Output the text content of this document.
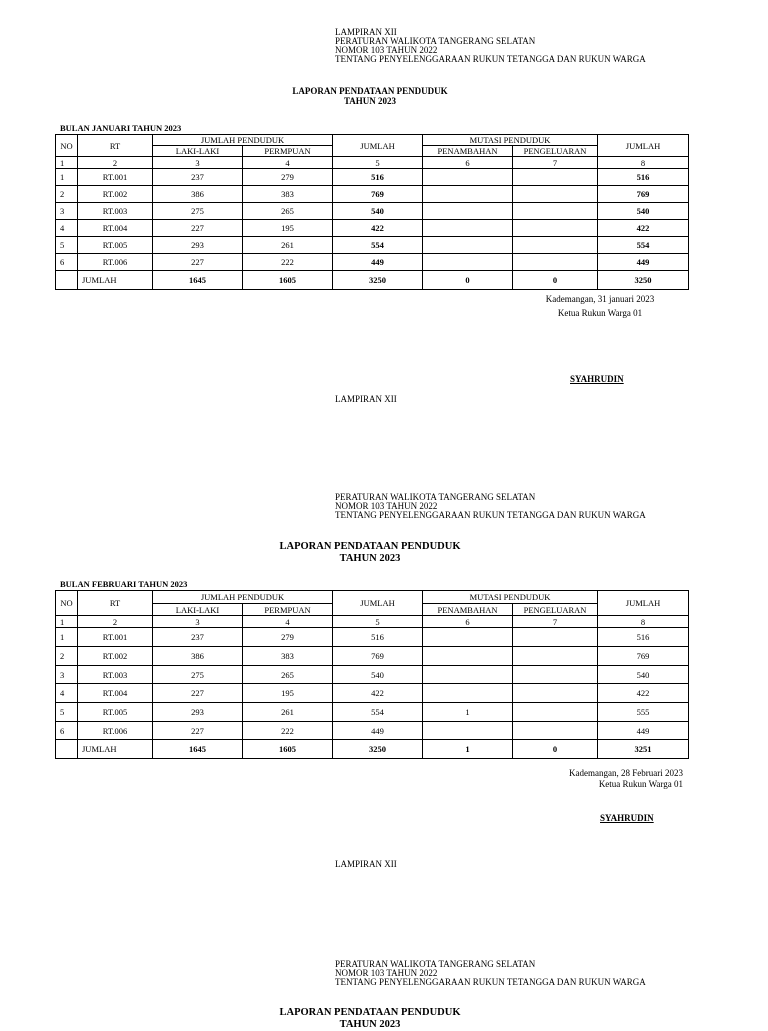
LAMPIRAN XII
PERATURAN WALIKOTA TANGERANG SELATAN
NOMOR 103 TAHUN 2022
TENTANG PENYELENGGARAAN RUKUN TETANGGA DAN RUKUN WARGA
LAPORAN PENDATAAN PENDUDUK
TAHUN 2023
BULAN JANUARI TAHUN 2023
NO	RT	JUMLAH PENDUDUK		JUMLAH	MUTASI PENDUDUK		JUMLAH
		LAKI-LAKI	PERMPUAN		PENAMBAHAN	PENGELUARAN	
1	2	3	4	5	6	7	8
1	RT.001	237	279	516			516
2	RT.002	386	383	769			769
3	RT.003	275	265	540			540
4	RT.004	227	195	422			422
5	RT.005	293	261	554			554
6	RT.006	227	222	449			449
	JUMLAH	1645	1605	3250	0	0	3250
Kademangan, 31 januari 2023
Ketua Rukun Warga 01
SYAHRUDIN
LAMPIRAN XII
PERATURAN WALIKOTA TANGERANG SELATAN
NOMOR 103 TAHUN 2022
TENTANG PENYELENGGARAAN RUKUN TETANGGA DAN RUKUN WARGA
LAPORAN PENDATAAN PENDUDUK
TAHUN 2023
BULAN FEBRUARI TAHUN 2023
NO	RT	JUMLAH PENDUDUK		JUMLAH	MUTASI PENDUDUK		JUMLAH
		LAKI-LAKI	PERMPUAN		PENAMBAHAN	PENGELUARAN	
1	2	3	4	5	6	7	8
1	RT.001	237	279	516			516
2	RT.002	386	383	769			769
3	RT.003	275	265	540			540
4	RT.004	227	195	422			422
5	RT.005	293	261	554	1		555
6	RT.006	227	222	449			449
	JUMLAH	1645	1605	3250	1	0	3251
Kademangan, 28 Februari 2023
Ketua Rukun Warga 01
SYAHRUDIN
LAMPIRAN XII
PERATURAN WALIKOTA TANGERANG SELATAN
NOMOR 103 TAHUN 2022
TENTANG PENYELENGGARAAN RUKUN TETANGGA DAN RUKUN WARGA
LAPORAN PENDATAAN PENDUDUK
TAHUN 2023
